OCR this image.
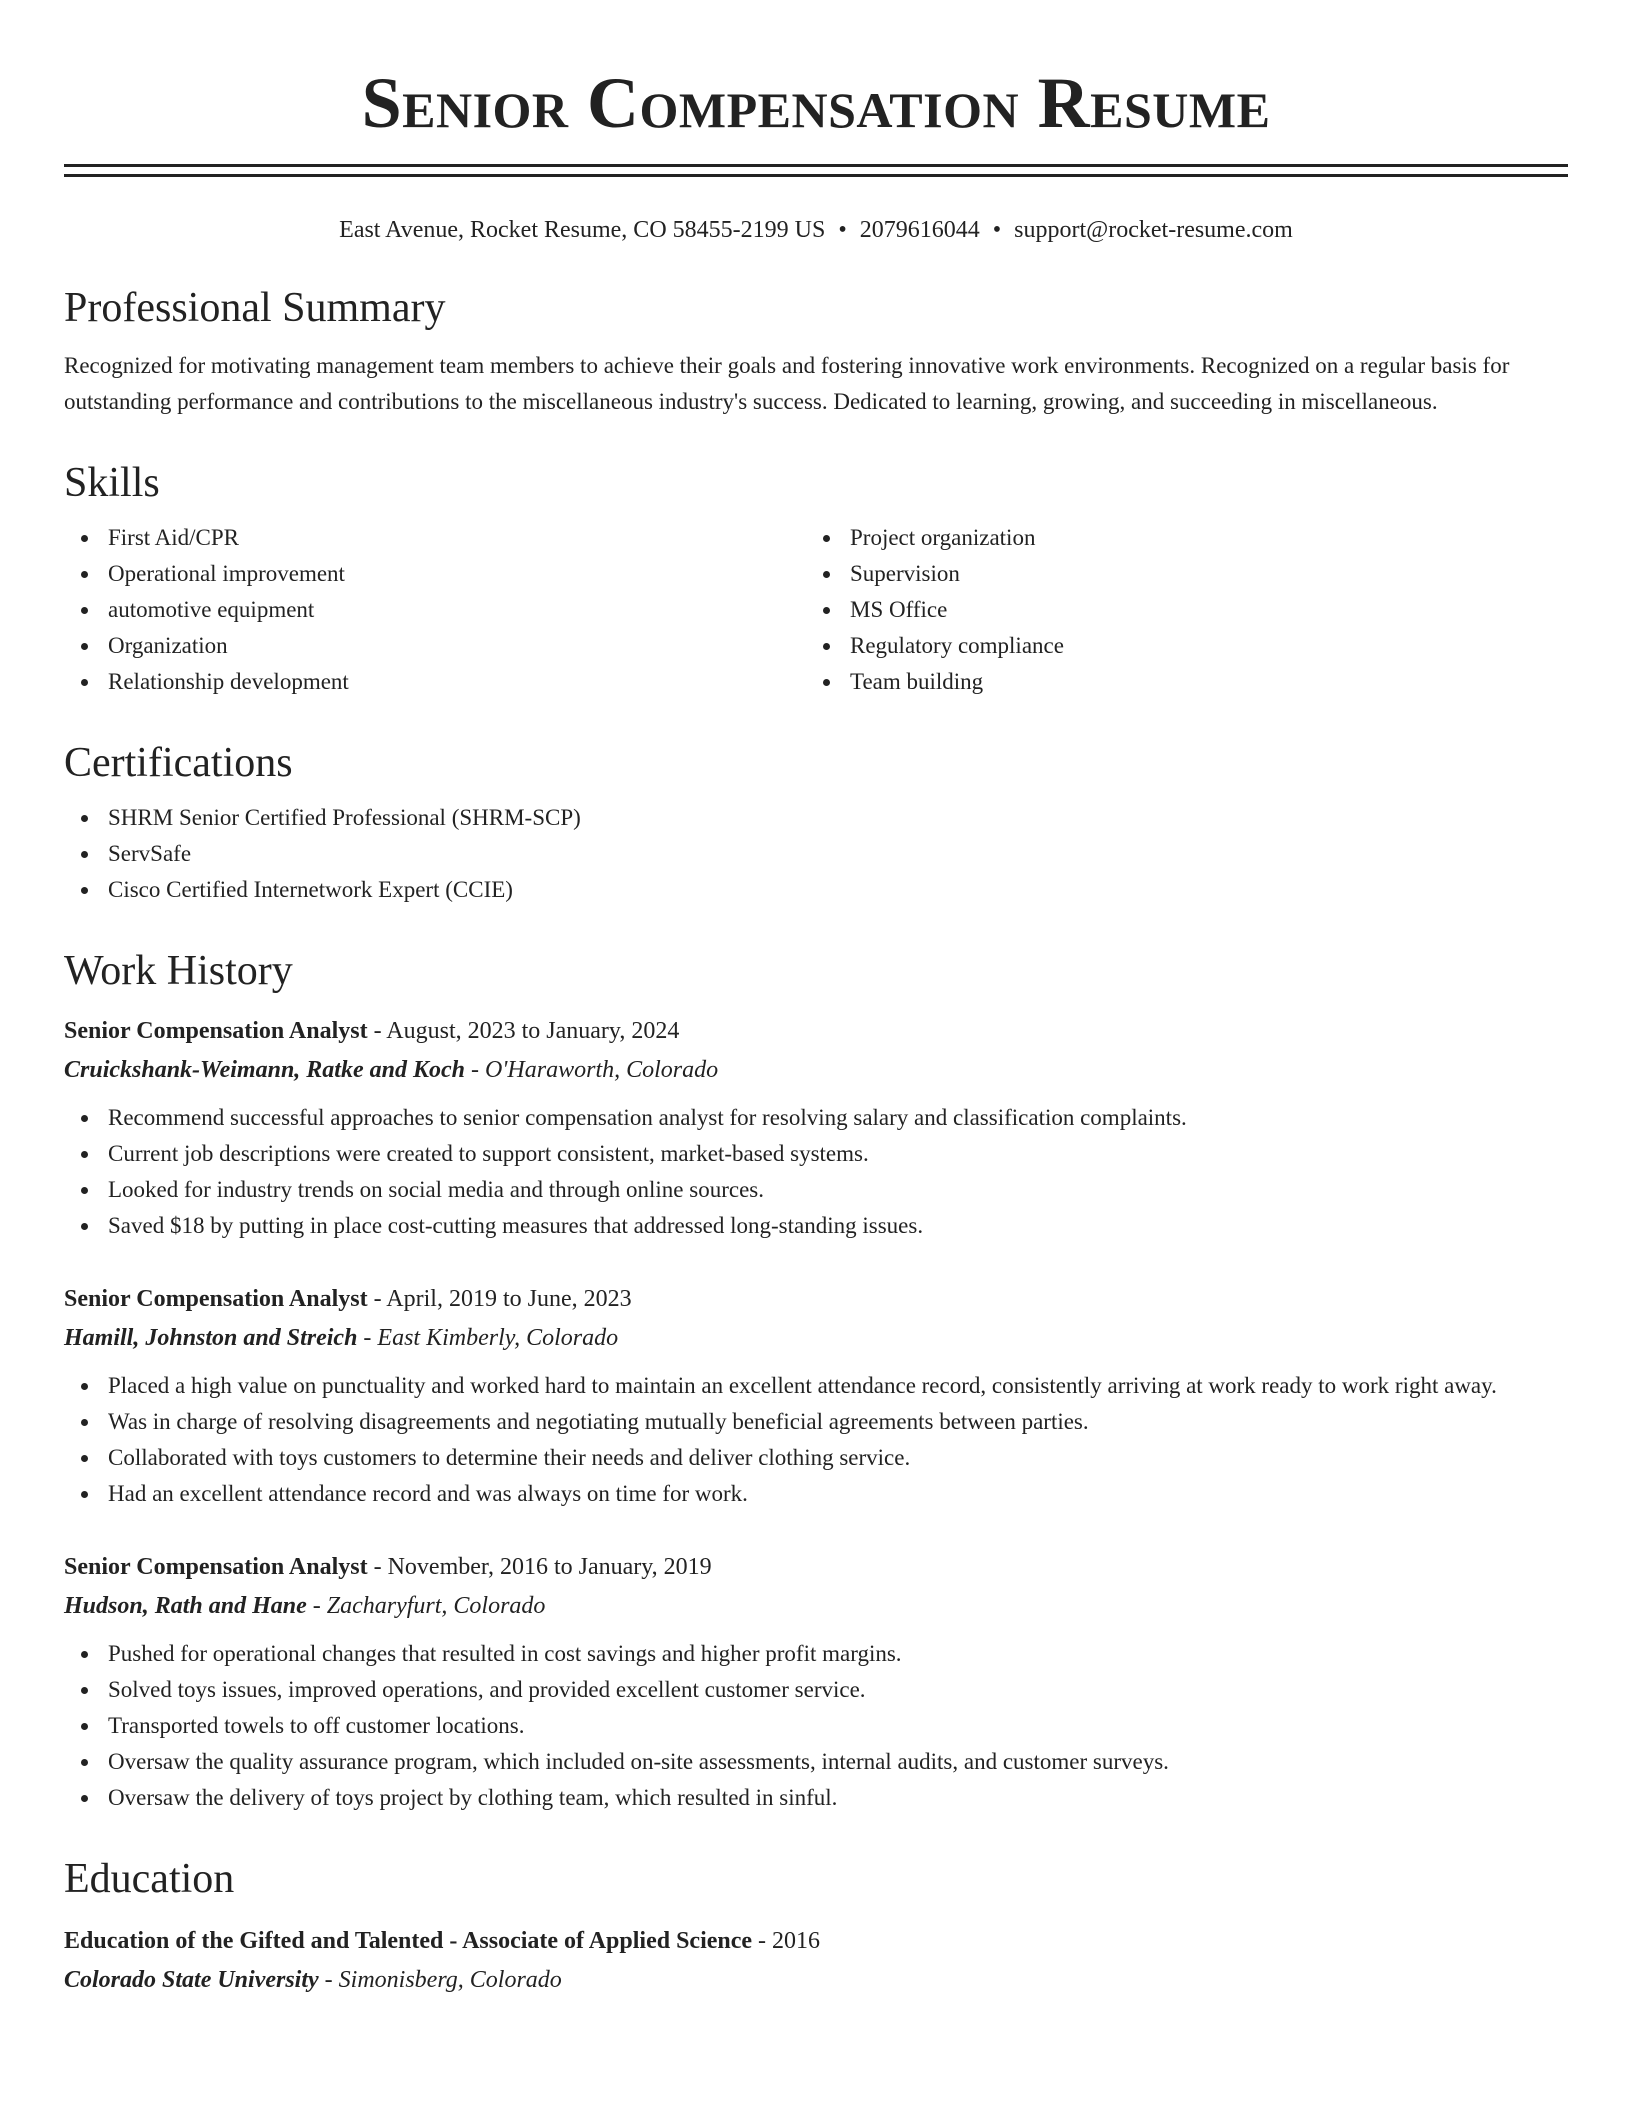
Senior Compensation Resume
East Avenue, Rocket Resume, CO 58455-2199 US • 2079616044 • support@rocket-resume.com
Professional Summary

Recognized for motivating management team members to achieve their goals and fostering innovative work environments. Recognized on a regular basis for outstanding performance and contributions to the miscellaneous industry's success. Dedicated to learning, growing, and succeeding in miscellaneous.

Skills
First Aid/CPR
Operational improvement
automotive equipment
Organization
Relationship development
Project organization
Supervision
MS Office
Regulatory compliance
Team building
Certifications
SHRM Senior Certified Professional (SHRM-SCP)
ServSafe
Cisco Certified Internetwork Expert (CCIE)
Work History
Senior Compensation Analyst - August, 2023 to January, 2024
Cruickshank-Weimann, Ratke and Koch - O'Haraworth, Colorado
Recommend successful approaches to senior compensation analyst for resolving salary and classification complaints.
Current job descriptions were created to support consistent, market-based systems.
Looked for industry trends on social media and through online sources.
Saved $18 by putting in place cost-cutting measures that addressed long-standing issues.
Senior Compensation Analyst - April, 2019 to June, 2023
Hamill, Johnston and Streich - East Kimberly, Colorado
Placed a high value on punctuality and worked hard to maintain an excellent attendance record, consistently arriving at work ready to work right away.
Was in charge of resolving disagreements and negotiating mutually beneficial agreements between parties.
Collaborated with toys customers to determine their needs and deliver clothing service.
Had an excellent attendance record and was always on time for work.
Senior Compensation Analyst - November, 2016 to January, 2019
Hudson, Rath and Hane - Zacharyfurt, Colorado
Pushed for operational changes that resulted in cost savings and higher profit margins.
Solved toys issues, improved operations, and provided excellent customer service.
Transported towels to off customer locations.
Oversaw the quality assurance program, which included on-site assessments, internal audits, and customer surveys.
Oversaw the delivery of toys project by clothing team, which resulted in sinful.
Education
Education of the Gifted and Talented - Associate of Applied Science - 2016
Colorado State University - Simonisberg, Colorado
